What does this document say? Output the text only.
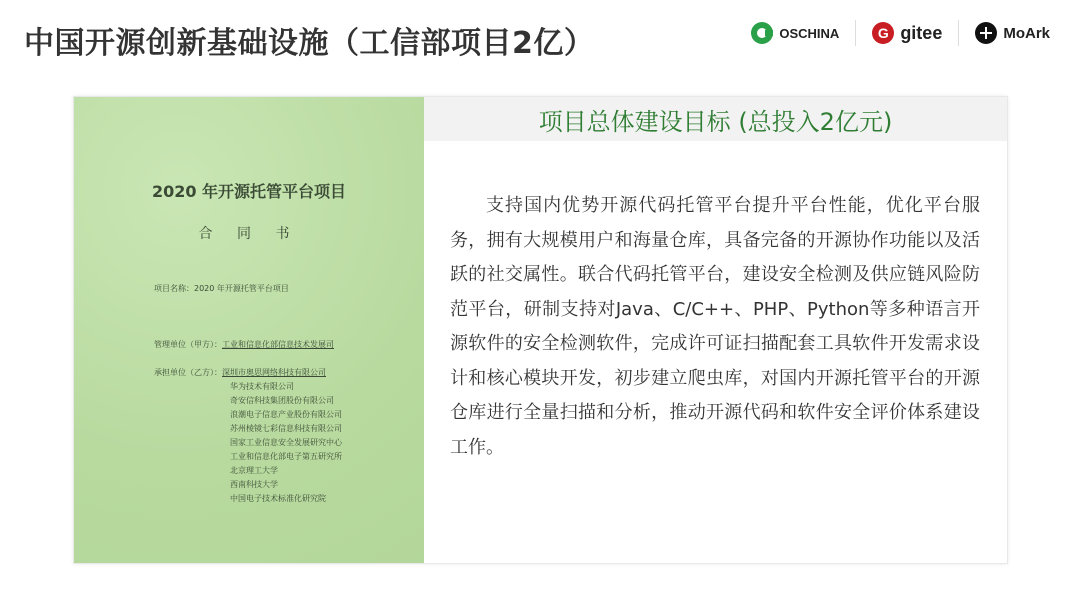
中国开源创新基础设施（工信部项目2亿）	OSCHINA	G gitee	MoArk
2020 年开源托管平台项目
合 同 书
项目名称：2020 年开源托管平台项目
管理单位（甲方）：工业和信息化部信息技术发展司
承担单位（乙方）：深圳市奥思网络科技有限公司
华为技术有限公司
奇安信科技集团股份有限公司
浪潮电子信息产业股份有限公司
苏州棱镜七彩信息科技有限公司
国家工业信息安全发展研究中心
工业和信息化部电子第五研究所
北京理工大学
西南科技大学
中国电子技术标准化研究院
项目总体建设目标 (总投入2亿元)
支持国内优势开源代码托管平台提升平台性能，优化平台服务，拥有大规模用户和海量仓库，具备完备的开源协作功能以及活跃的社交属性。联合代码托管平台，建设安全检测及供应链风险防范平台，研制支持对Java、C/C++、PHP、Python等多种语言开源软件的安全检测软件，完成许可证扫描配套工具软件开发需求设计和核心模块开发，初步建立爬虫库，对国内开源托管平台的开源仓库进行全量扫描和分析，推动开源代码和软件安全评价体系建设工作。
